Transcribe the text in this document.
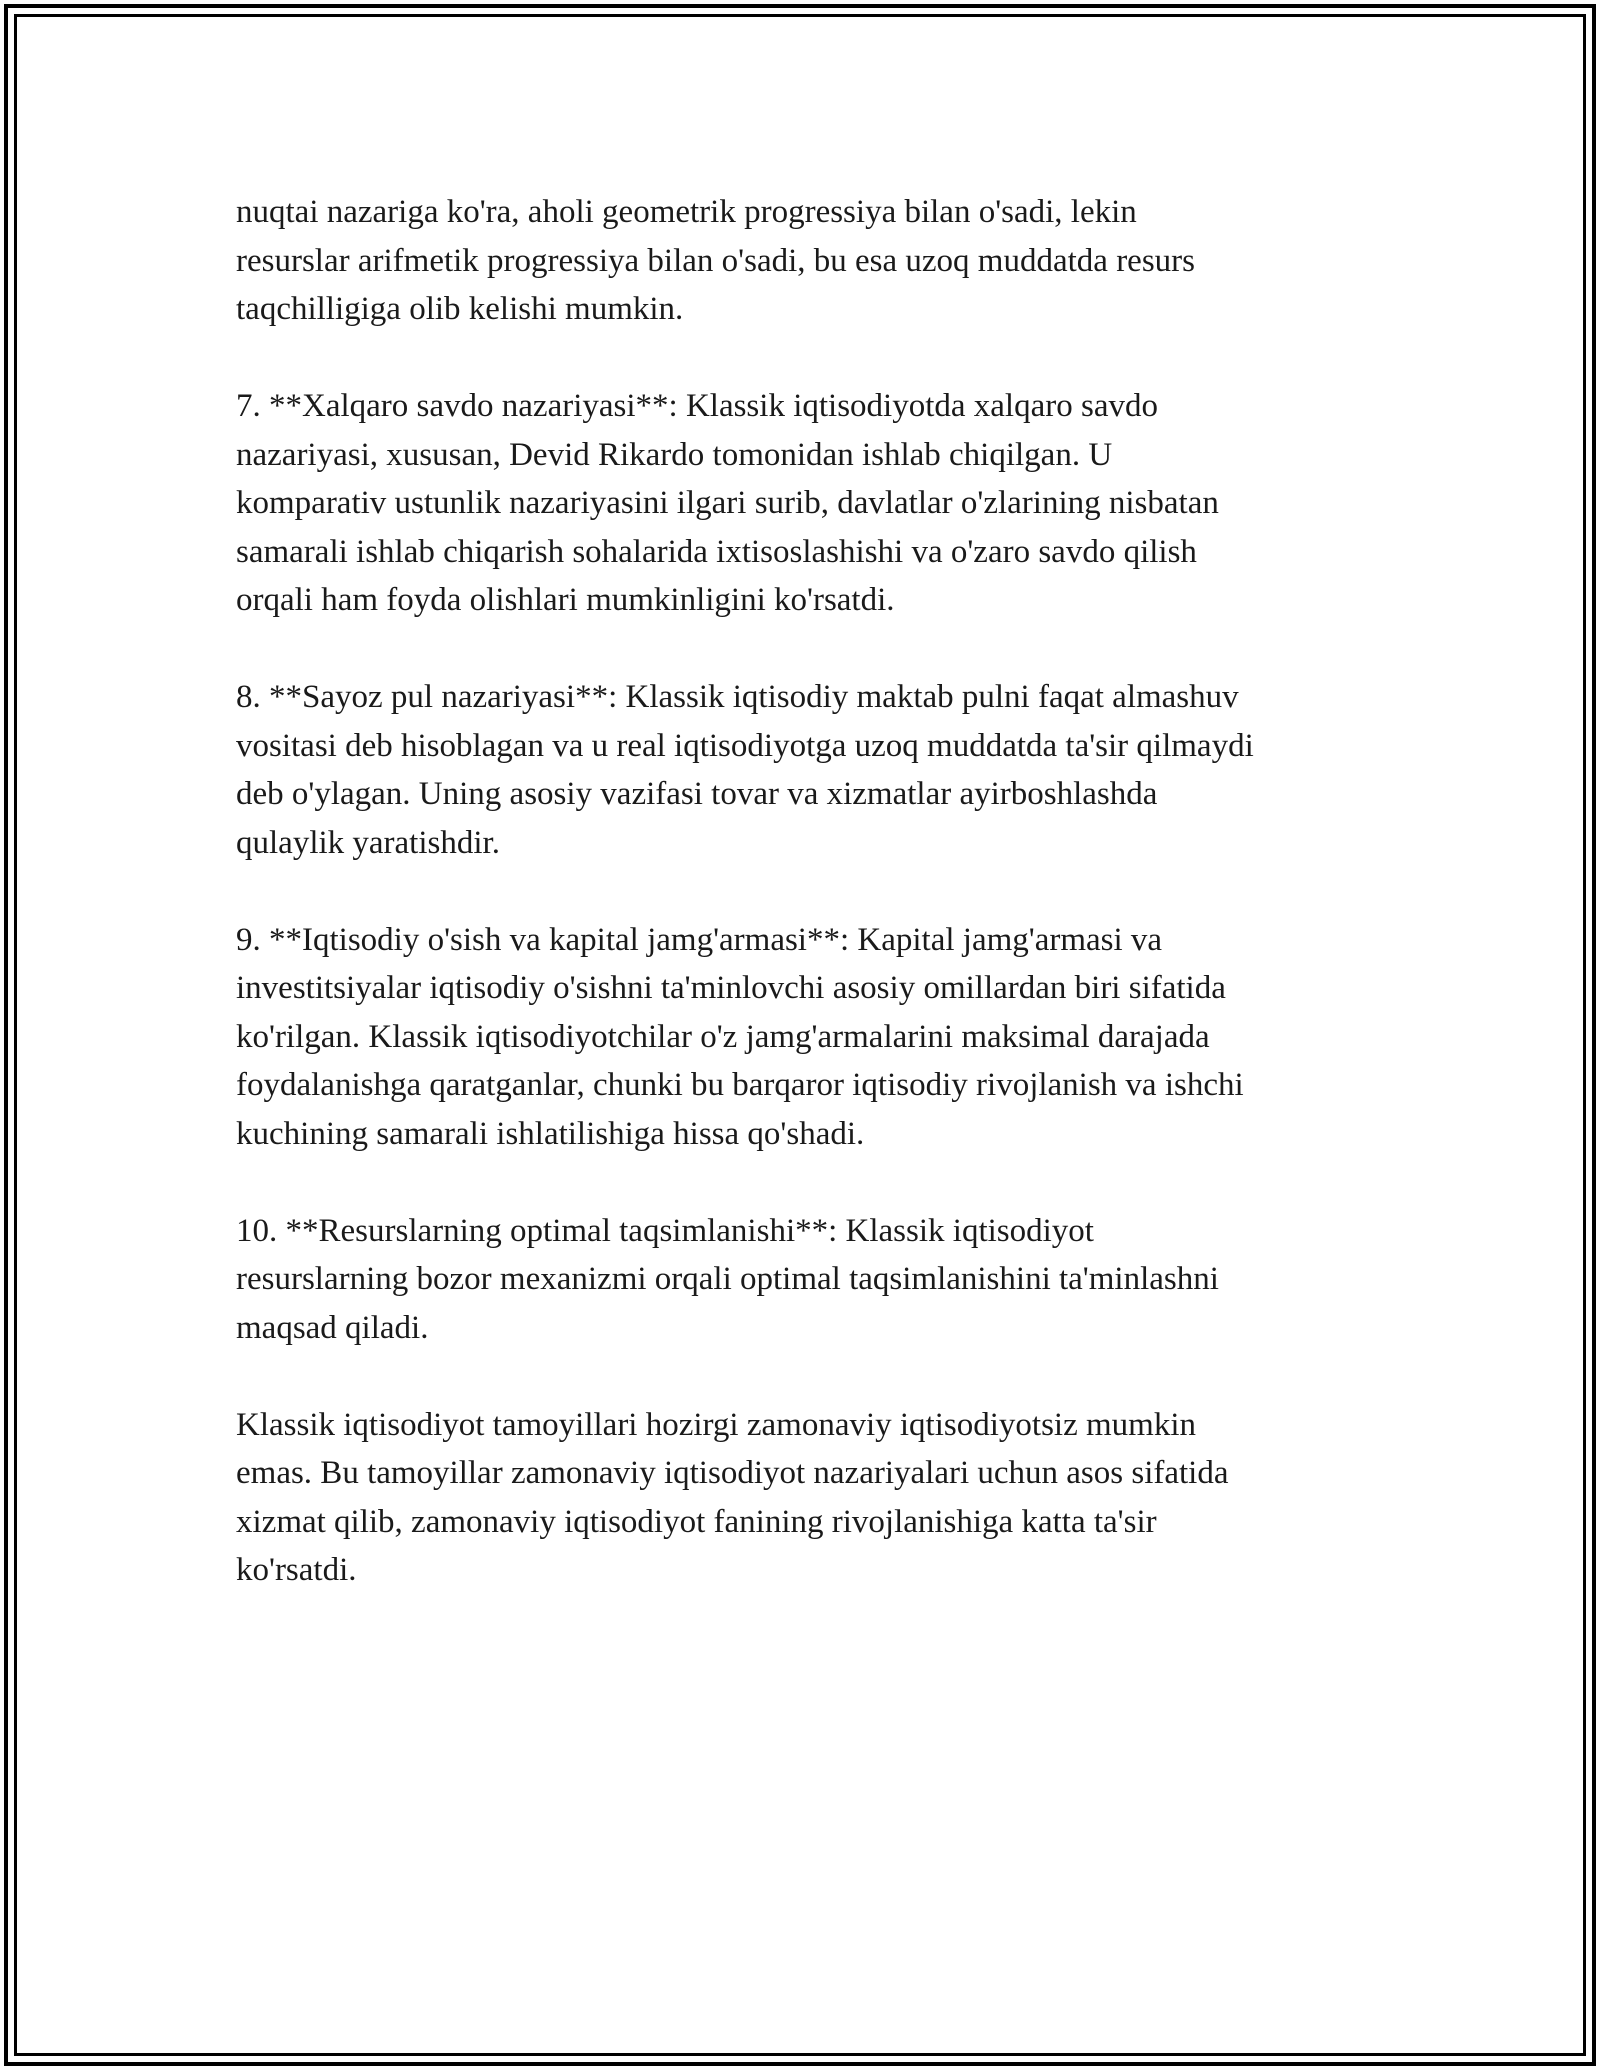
nuqtai nazariga ko'ra, aholi geometrik progressiya bilan o'sadi, lekin
resurslar arifmetik progressiya bilan o'sadi, bu esa uzoq muddatda resurs
taqchilligiga olib kelishi mumkin.

7. **Xalqaro savdo nazariyasi**: Klassik iqtisodiyotda xalqaro savdo
nazariyasi, xususan, Devid Rikardo tomonidan ishlab chiqilgan. U
komparativ ustunlik nazariyasini ilgari surib, davlatlar o'zlarining nisbatan
samarali ishlab chiqarish sohalarida ixtisoslashishi va o'zaro savdo qilish
orqali ham foyda olishlari mumkinligini ko'rsatdi.

8. **Sayoz pul nazariyasi**: Klassik iqtisodiy maktab pulni faqat almashuv
vositasi deb hisoblagan va u real iqtisodiyotga uzoq muddatda ta'sir qilmaydi
deb o'ylagan. Uning asosiy vazifasi tovar va xizmatlar ayirboshlashda
qulaylik yaratishdir.

9. **Iqtisodiy o'sish va kapital jamg'armasi**: Kapital jamg'armasi va
investitsiyalar iqtisodiy o'sishni ta'minlovchi asosiy omillardan biri sifatida
ko'rilgan. Klassik iqtisodiyotchilar o'z jamg'armalarini maksimal darajada
foydalanishga qaratganlar, chunki bu barqaror iqtisodiy rivojlanish va ishchi
kuchining samarali ishlatilishiga hissa qo'shadi.

10. **Resurslarning optimal taqsimlanishi**: Klassik iqtisodiyot
resurslarning bozor mexanizmi orqali optimal taqsimlanishini ta'minlashni
maqsad qiladi.

Klassik iqtisodiyot tamoyillari hozirgi zamonaviy iqtisodiyotsiz mumkin
emas. Bu tamoyillar zamonaviy iqtisodiyot nazariyalari uchun asos sifatida
xizmat qilib, zamonaviy iqtisodiyot fanining rivojlanishiga katta ta'sir
ko'rsatdi.
